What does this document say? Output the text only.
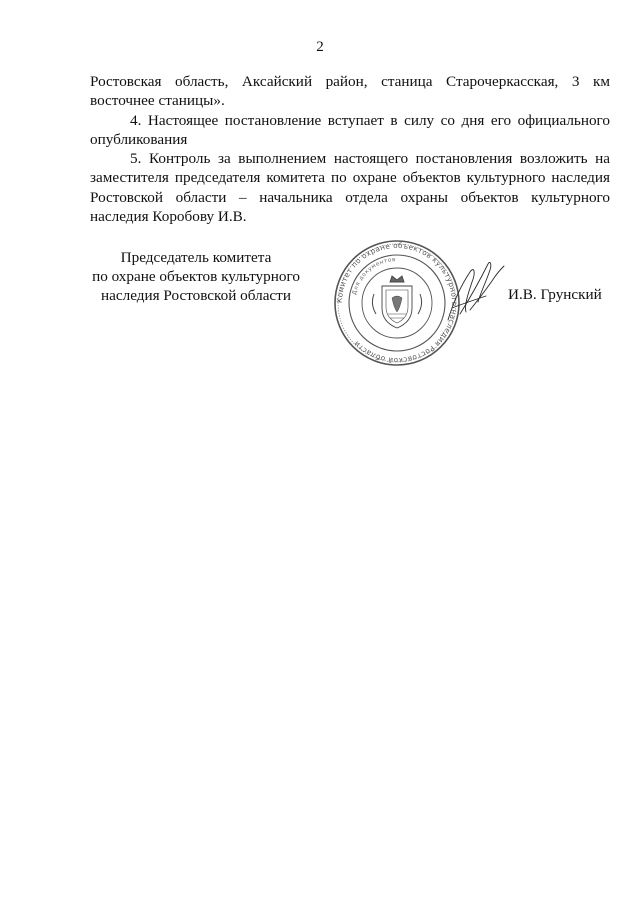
2

Ростовская область, Аксайский район, станица Старочеркасская, 3 км восточнее станицы».

4. Настоящее постановление вступает в силу со дня его официального опубликования

5. Контроль за выполнением настоящего постановления возложить на заместителя председателя комитета по охране объектов культурного наследия Ростовской области – начальника отдела охраны объектов культурного наследия Коробову И.В.

Председатель комитета
по охране объектов культурного
наследия Ростовской области	Комитет по охране объектов культурного наследия Ростовской области
Для документов
И.В. Грунский
